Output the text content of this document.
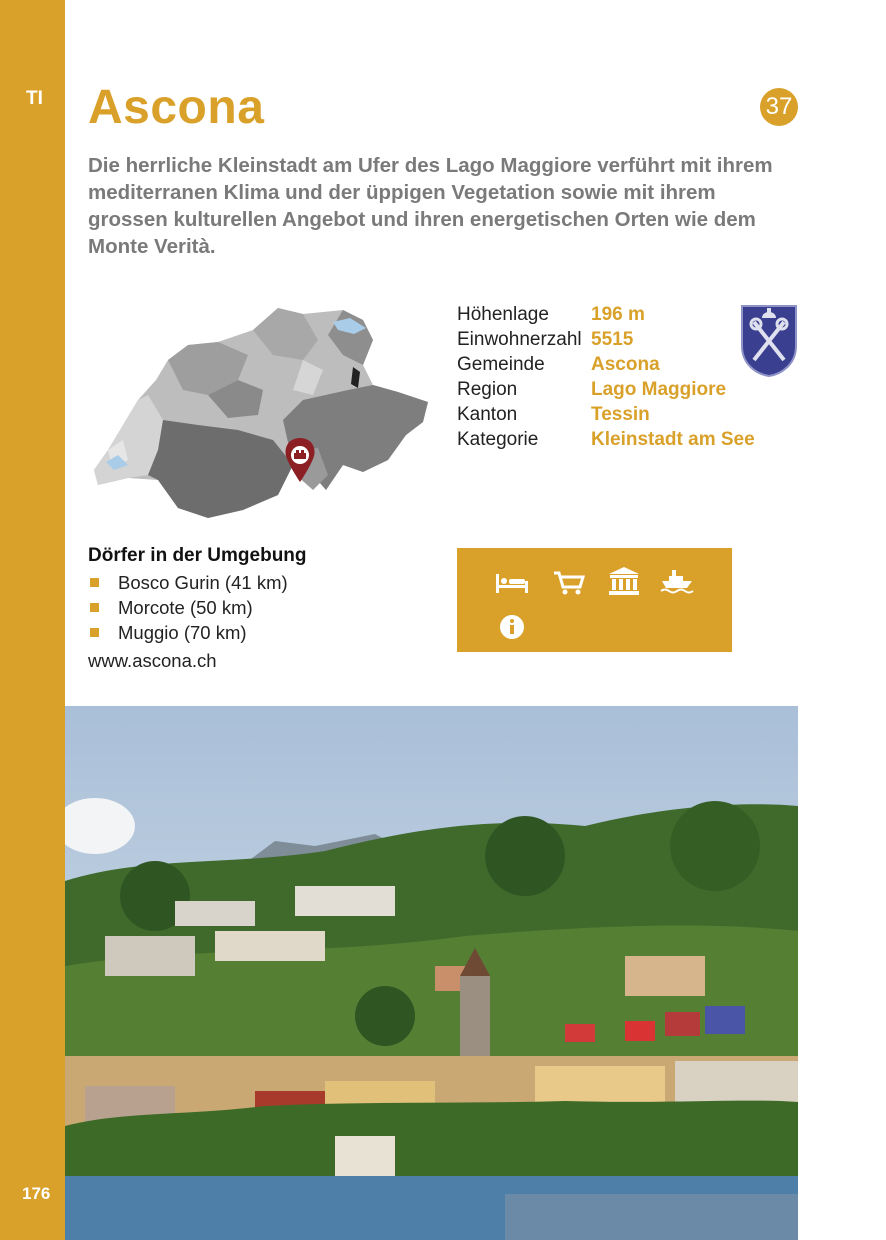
TI
176
Ascona	37

Die herrliche Kleinstadt am Ufer des Lago Maggiore verführt mit ihrem mediterranen Klima und der üppigen Vegetation sowie mit ihrem grossen kulturellen Angebot und ihren energetischen Orten wie dem Monte Verità.

Höhenlage	196 m
Einwohnerzahl	5515
Gemeinde	Ascona
Region	Lago Maggiore
Kanton	Tessin
Kategorie	Kleinstadt am See
Dörfer in der Umgebung
Bosco Gurin (41 km)
Morcote (50 km)
Muggio (70 km)
www.ascona.ch
